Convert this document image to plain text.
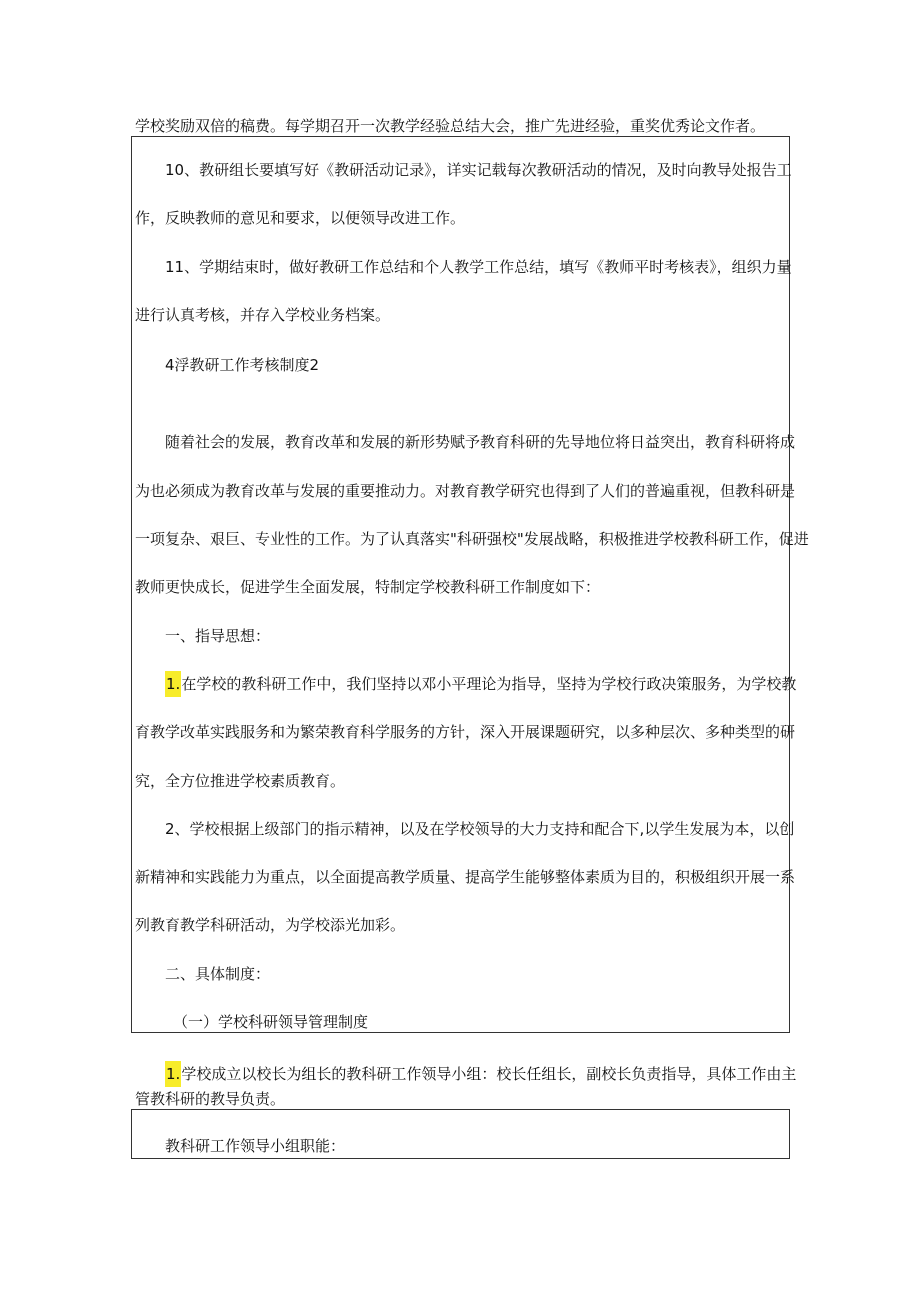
学校奖励双倍的稿费。每学期召开一次教学经验总结大会，推广先进经验，重奖优秀论文作者。

10、教研组长要填写好《教研活动记录》，详实记载每次教研活动的情况，及时向教导处报告工

作，反映教师的意见和要求，以便领导改进工作。

11、学期结束时，做好教研工作总结和个人教学工作总结，填写《教师平时考核表》，组织力量

进行认真考核，并存入学校业务档案。

4浮教研工作考核制度2

随着社会的发展，教育改革和发展的新形势赋予教育科研的先导地位将日益突出，教育科研将成

为也必须成为教育改革与发展的重要推动力。对教育教学研究也得到了人们的普遍重视，但教科研是

一项复杂、艰巨、专业性的工作。为了认真落实"科研强校"发展战略，积极推进学校教科研工作，促进

教师更快成长，促进学生全面发展，特制定学校教科研工作制度如下：

一、指导思想：

1.在学校的教科研工作中，我们坚持以邓小平理论为指导，坚持为学校行政决策服务，为学校教

育教学改革实践服务和为繁荣教育科学服务的方针，深入开展课题研究，以多种层次、多种类型的研

究，全方位推进学校素质教育。

2、学校根据上级部门的指示精神，以及在学校领导的大力支持和配合下,以学生发展为本，以创

新精神和实践能力为重点，以全面提高教学质量、提高学生能够整体素质为目的，积极组织开展一系

列教育教学科研活动，为学校添光加彩。

二、具体制度：

（一）学校科研领导管理制度

1.学校成立以校长为组长的教科研工作领导小组：校长任组长，副校长负责指导，具体工作由主

管教科研的教导负责。

教科研工作领导小组职能：
